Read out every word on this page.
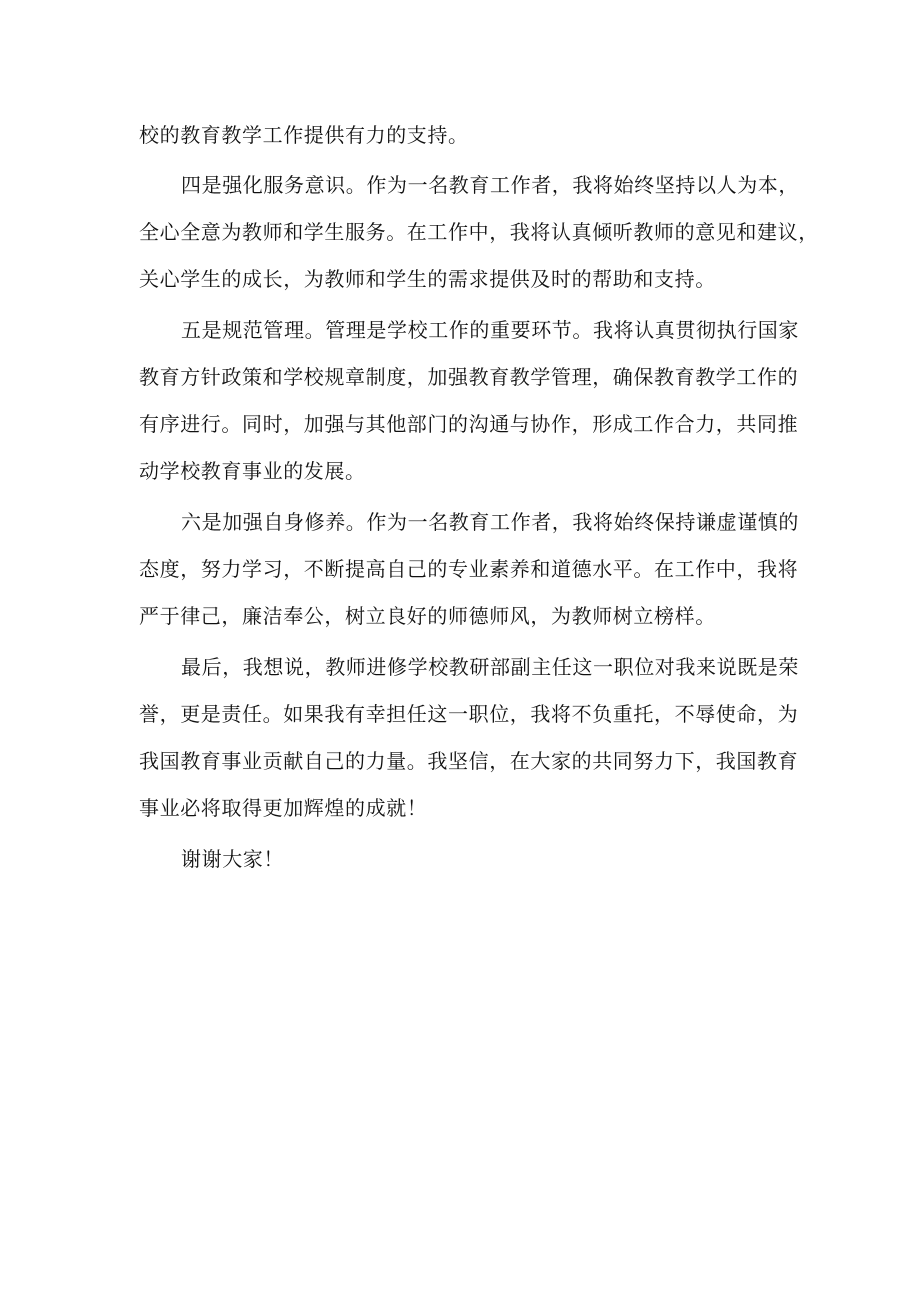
校的教育教学工作提供有力的支持。
四是强化服务意识。作为一名教育工作者，我将始终坚持以人为本，
全心全意为教师和学生服务。在工作中，我将认真倾听教师的意见和建议，
关心学生的成长，为教师和学生的需求提供及时的帮助和支持。
五是规范管理。管理是学校工作的重要环节。我将认真贯彻执行国家
教育方针政策和学校规章制度，加强教育教学管理，确保教育教学工作的
有序进行。同时，加强与其他部门的沟通与协作，形成工作合力，共同推
动学校教育事业的发展。
六是加强自身修养。作为一名教育工作者，我将始终保持谦虚谨慎的
态度，努力学习，不断提高自己的专业素养和道德水平。在工作中，我将
严于律己，廉洁奉公，树立良好的师德师风，为教师树立榜样。
最后，我想说，教师进修学校教研部副主任这一职位对我来说既是荣
誉，更是责任。如果我有幸担任这一职位，我将不负重托，不辱使命，为
我国教育事业贡献自己的力量。我坚信，在大家的共同努力下，我国教育
事业必将取得更加辉煌的成就！
谢谢大家！
